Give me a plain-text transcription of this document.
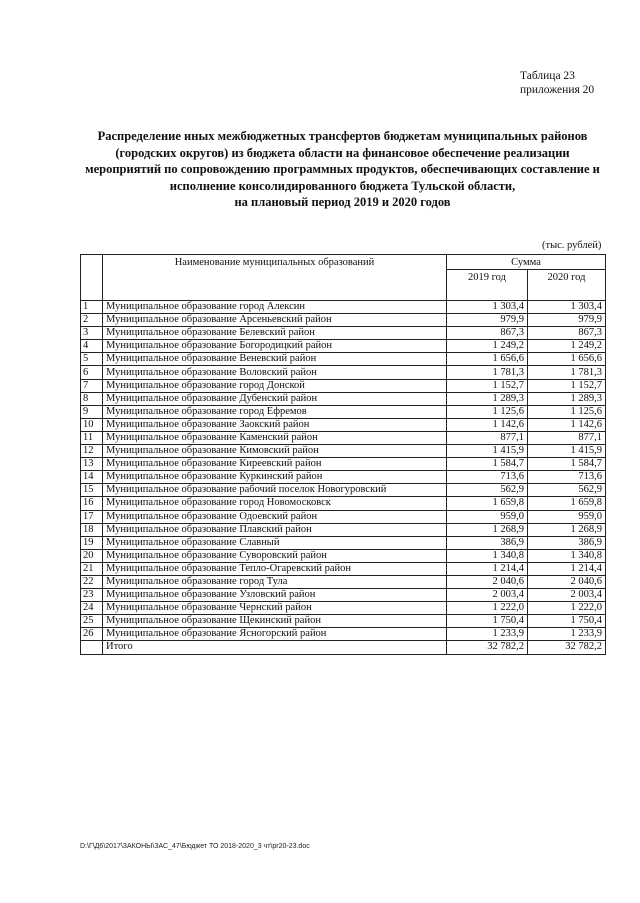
Таблица 23
приложения 20
Распределение иных межбюджетных трансфертов бюджетам муниципальных районов
(городских округов) из бюджета области на финансовое обеспечение реализации
мероприятий по сопровождению программных продуктов, обеспечивающих составление и
исполнение консолидированного бюджета Тульской области,
на плановый период 2019 и 2020 годов
(тыс. рублей)
	Наименование муниципальных образований	Сумма	
		2019 год	2020 год
1	Муниципальное образование город Алексин	1 303,4	1 303,4
2	Муниципальное образование Арсеньевский район	979,9	979,9
3	Муниципальное образование Белевский район	867,3	867,3
4	Муниципальное образование Богородицкий район	1 249,2	1 249,2
5	Муниципальное образование Веневский район	1 656,6	1 656,6
6	Муниципальное образование Воловский район	1 781,3	1 781,3
7	Муниципальное образование город Донской	1 152,7	1 152,7
8	Муниципальное образование Дубенский район	1 289,3	1 289,3
9	Муниципальное образование город Ефремов	1 125,6	1 125,6
10	Муниципальное образование Заокский район	1 142,6	1 142,6
11	Муниципальное образование Каменский район	877,1	877,1
12	Муниципальное образование Кимовский район	1 415,9	1 415,9
13	Муниципальное образование Киреевский район	1 584,7	1 584,7
14	Муниципальное образование Куркинский район	713,6	713,6
15	Муниципальное образование рабочий поселок Новогуровский	562,9	562,9
16	Муниципальное образование город Новомосковск	1 659,8	1 659,8
17	Муниципальное образование Одоевский район	959,0	959,0
18	Муниципальное образование Плавский район	1 268,9	1 268,9
19	Муниципальное образование Славный	386,9	386,9
20	Муниципальное образование Суворовский район	1 340,8	1 340,8
21	Муниципальное образование Тепло-Огаревский район	1 214,4	1 214,4
22	Муниципальное образование город Тула	2 040,6	2 040,6
23	Муниципальное образование Узловский район	2 003,4	2 003,4
24	Муниципальное образование Чернский район	1 222,0	1 222,0
25	Муниципальное образование Щекинский район	1 750,4	1 750,4
26	Муниципальное образование Ясногорский район	1 233,9	1 233,9
	Итого	32 782,2	32 782,2
D:\Г\Д6\2017\ЗАКОНЫ\ЗАС_47\Бюджет ТО 2018-2020_3 чт\pr20-23.doc
